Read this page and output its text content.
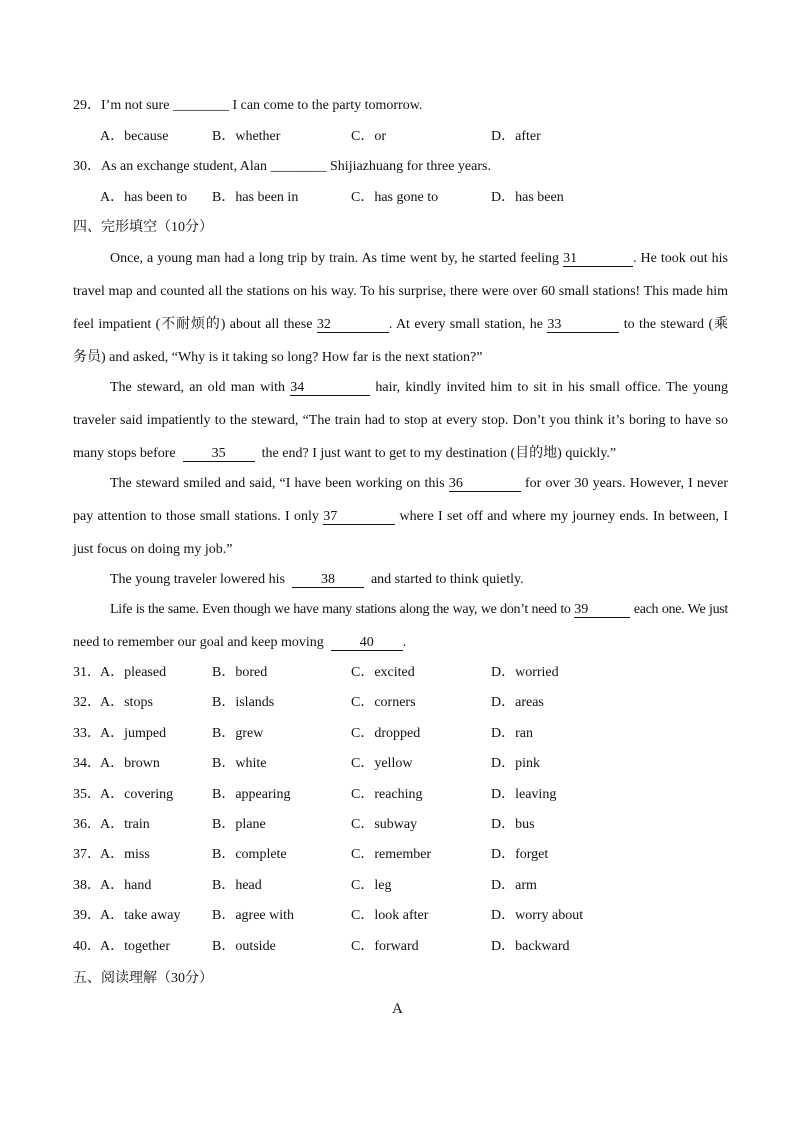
29．I’m not sure ________ I can come to the party tomorrow.
A．because	B．whether	C．or	D．after
30．As an exchange student, Alan ________ Shijiazhuang for three years.
A．has been to B．has been in	C．has gone to	D．has been
四、完形填空（10分）
Once, a young man had a long trip by train. As time went by, he started feeling 31	. He took out his
travel map and counted all the stations on his way. To his surprise, there were over 60 small stations! This made him
feel impatient (不耐烦的) about all these 32	. At every small station, he 33	to the steward (乘
务员) and asked, “Why is it taking so long? How far is the next station?”
The steward, an old man with 34	hair, kindly invited him to sit in his small office. The young
traveler said impatiently to the steward, “The train had to stop at every stop. Don’t you think it’s boring to have so
many stops before	35	the end? I just want to get to my destination (目的地) quickly.”
The steward smiled and said, “I have been working on this 36	for over 30 years. However, I never
pay attention to those small stations. I only 37	where I set off and where my journey ends. In between, I
just focus on doing my job.”
The young traveler lowered his	38	and started to think quietly.
Life is the same. Even though we have many stations along the way, we don’t need to 39	each one. We just
need to remember our goal and keep moving	40 .
31． A．pleased	B．bored	C．excited	D．worried
32． A．stops	B．islands	C．corners	D．areas
33． A．jumped	B．grew	C．dropped	D．ran
34． A．brown	B．white	C．yellow	D．pink
35． A．covering	B．appearing	C．reaching	D．leaving
36． A．train	B．plane	C．subway	D．bus
37． A．miss	B．complete	C．remember	D．forget
38． A．hand	B．head	C．leg	D．arm
39． A．take away B．agree with	C．look after	D．worry about
40． A．together	B．outside	C．forward	D．backward
五、阅读理解（30分）
A
